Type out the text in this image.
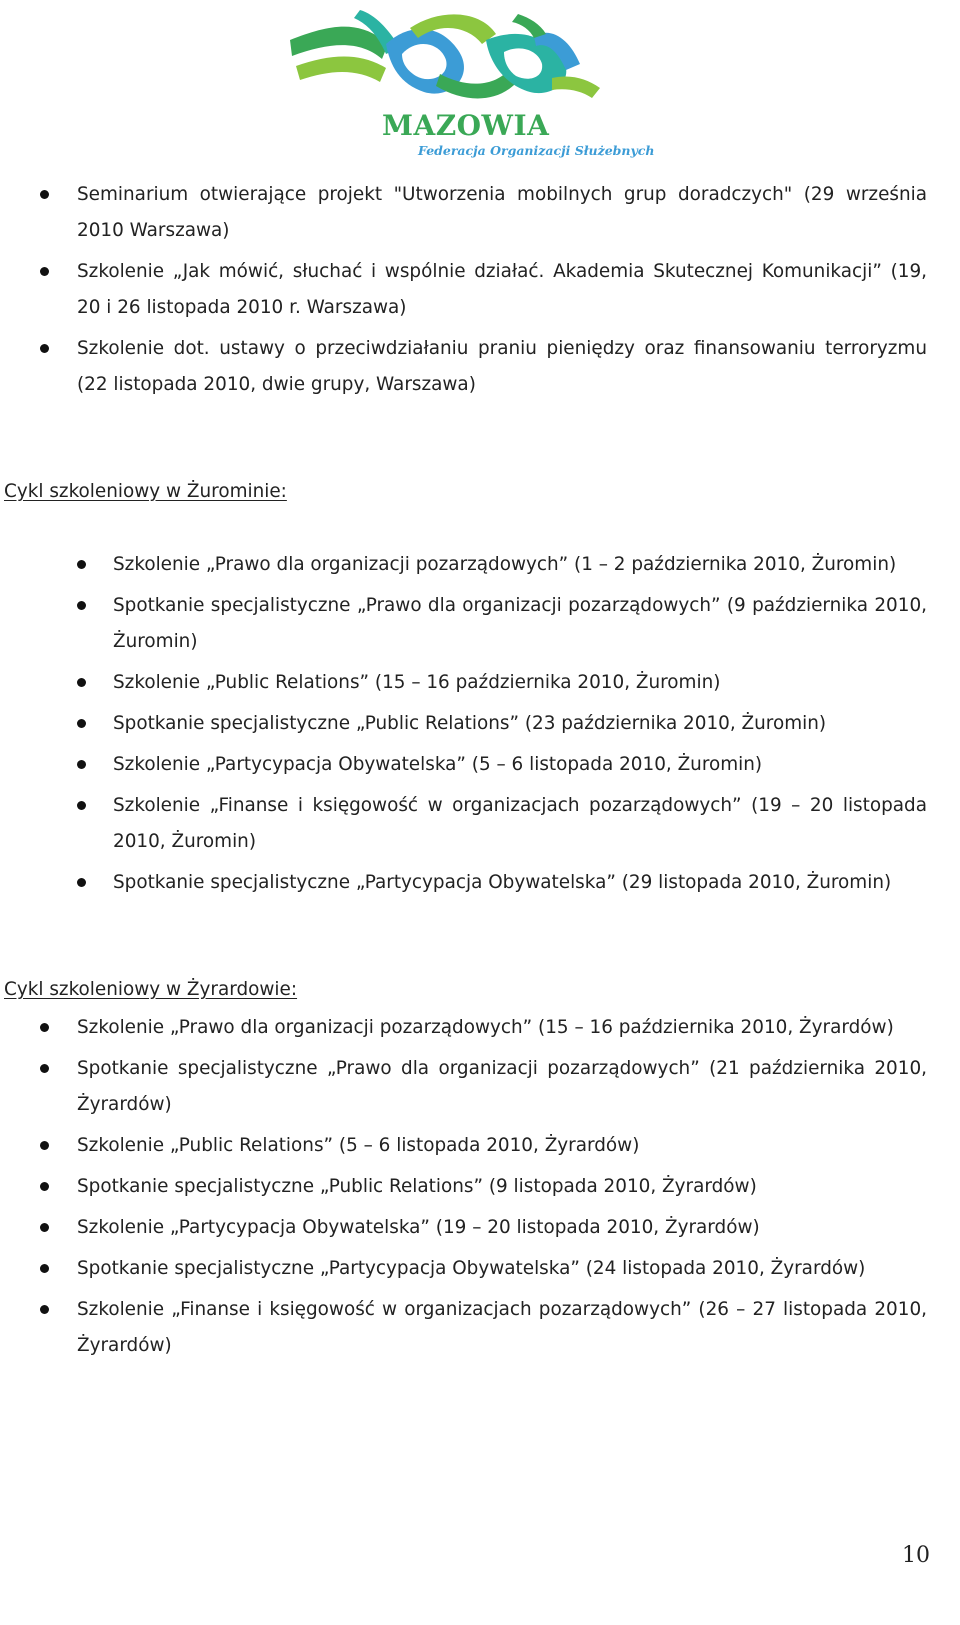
MAZOWIA
Federacja Organizacji Służebnych
Seminarium otwierające projekt "Utworzenia mobilnych grup doradczych" (29 września 2010 Warszawa)
Szkolenie „Jak mówić, słuchać i wspólnie działać. Akademia Skutecznej Komunikacji” (19, 20 i 26 listopada 2010 r. Warszawa)
Szkolenie dot. ustawy o przeciwdziałaniu praniu pieniędzy oraz finansowaniu terroryzmu (22 listopada 2010, dwie grupy, Warszawa)
Cykl szkoleniowy w Żurominie:
Szkolenie „Prawo dla organizacji pozarządowych” (1 – 2 października 2010, Żuromin)
Spotkanie specjalistyczne „Prawo dla organizacji pozarządowych” (9 października 2010, Żuromin)
Szkolenie „Public Relations” (15 – 16 października 2010, Żuromin)
Spotkanie specjalistyczne „Public Relations” (23 października 2010, Żuromin)
Szkolenie „Partycypacja Obywatelska” (5 – 6 listopada 2010, Żuromin)
Szkolenie „Finanse i księgowość w organizacjach pozarządowych” (19 – 20 listopada 2010, Żuromin)
Spotkanie specjalistyczne „Partycypacja Obywatelska” (29 listopada 2010, Żuromin)
Cykl szkoleniowy w Żyrardowie:
Szkolenie „Prawo dla organizacji pozarządowych” (15 – 16 października 2010, Żyrardów)
Spotkanie specjalistyczne „Prawo dla organizacji pozarządowych” (21 października 2010, Żyrardów)
Szkolenie „Public Relations” (5 – 6 listopada 2010, Żyrardów)
Spotkanie specjalistyczne „Public Relations” (9 listopada 2010, Żyrardów)
Szkolenie „Partycypacja Obywatelska” (19 – 20 listopada 2010, Żyrardów)
Spotkanie specjalistyczne „Partycypacja Obywatelska” (24 listopada 2010, Żyrardów)
Szkolenie „Finanse i księgowość w organizacjach pozarządowych” (26 – 27 listopada 2010, Żyrardów)
10
